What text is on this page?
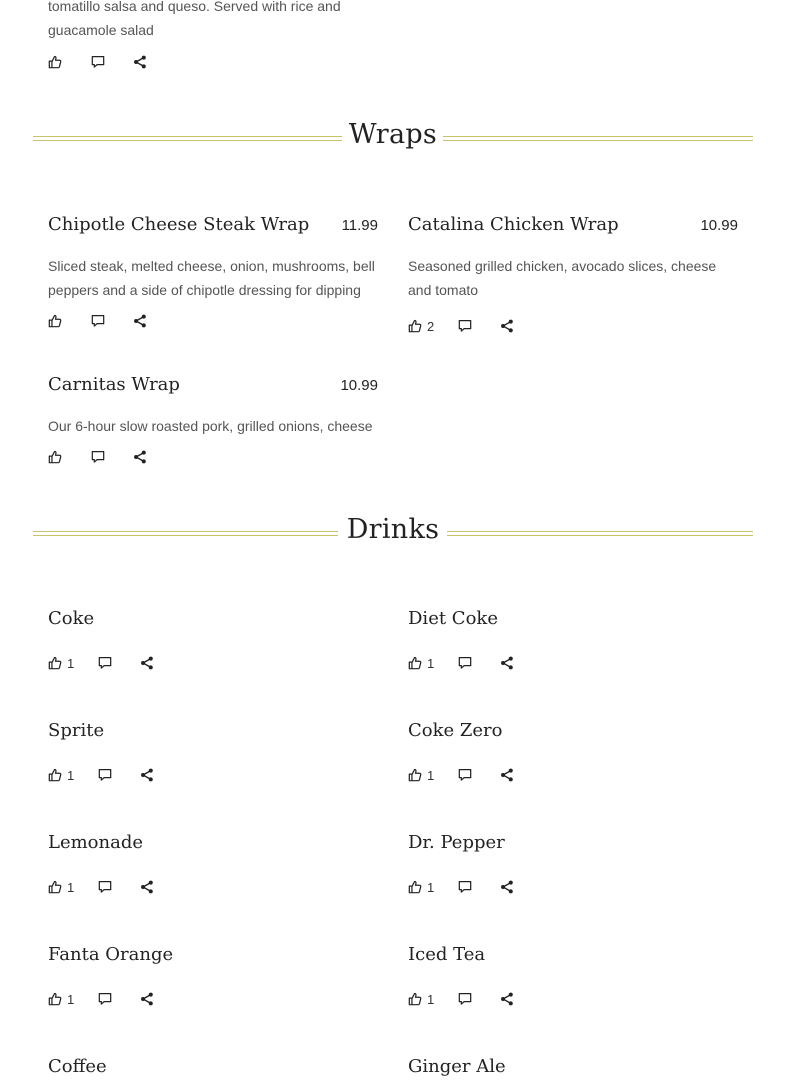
tomatillo salsa and queso. Served with rice and guacamole salad
Wraps
Chipotle Cheese Steak Wrap	11.99
Sliced steak, melted cheese, onion, mushrooms, bell peppers and a side of chipotle dressing for dipping
Catalina Chicken Wrap	10.99
Seasoned grilled chicken, avocado slices, cheese and tomato
2
Carnitas Wrap	10.99
Our 6-hour slow roasted pork, grilled onions, cheese
Drinks
Coke
1
Diet Coke
1
Sprite
1
Coke Zero
1
Lemonade
1
Dr. Pepper
1
Fanta Orange
1
Iced Tea
1
Coffee	Ginger Ale
